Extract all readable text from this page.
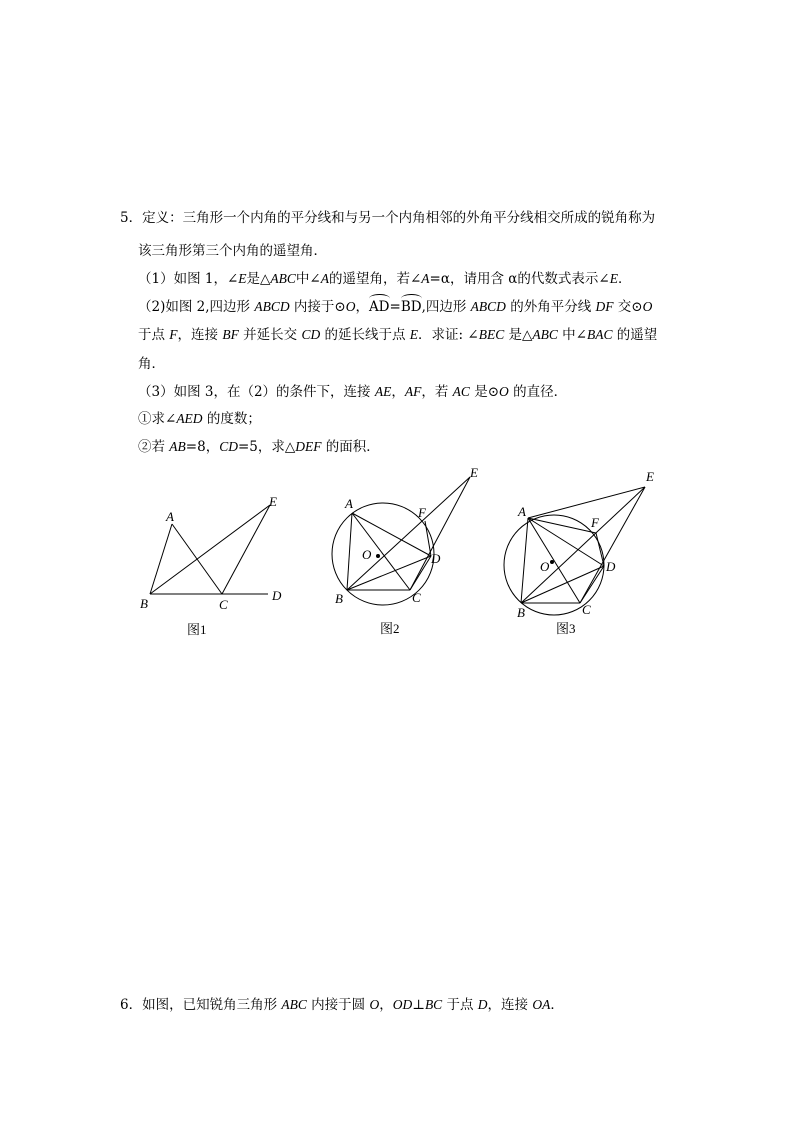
5．定义：三角形一个内角的平分线和与另一个内角相邻的外角平分线相交所成的锐角称为
该三角形第三个内角的遥望角．
（1）如图 1，∠E是△ABC中∠A的遥望角，若∠A=α，请用含 α的代数式表示∠E．
（2)如图 2,四边形 ABCD 内接于⊙O，AD=BD,四边形 ABCD 的外角平分线 DF 交⊙O
于点 F，连接 BF 并延长交 CD 的延长线于点 E．求证: ∠BEC 是△ABC 中∠BAC 的遥望
角．
（3）如图 3，在（2）的条件下，连接 AE，AF，若 AC 是⊙O 的直径．
①求∠AED 的度数；
②若 AB=8，CD=5，求△DEF 的面积．
A
B	C
D
E
图1
A
B	C
D
E
F
O
图2
A
B	C
D
E
F
O
图3
6．如图，已知锐角三角形 ABC 内接于圆 O，OD⊥BC 于点 D，连接 OA．
